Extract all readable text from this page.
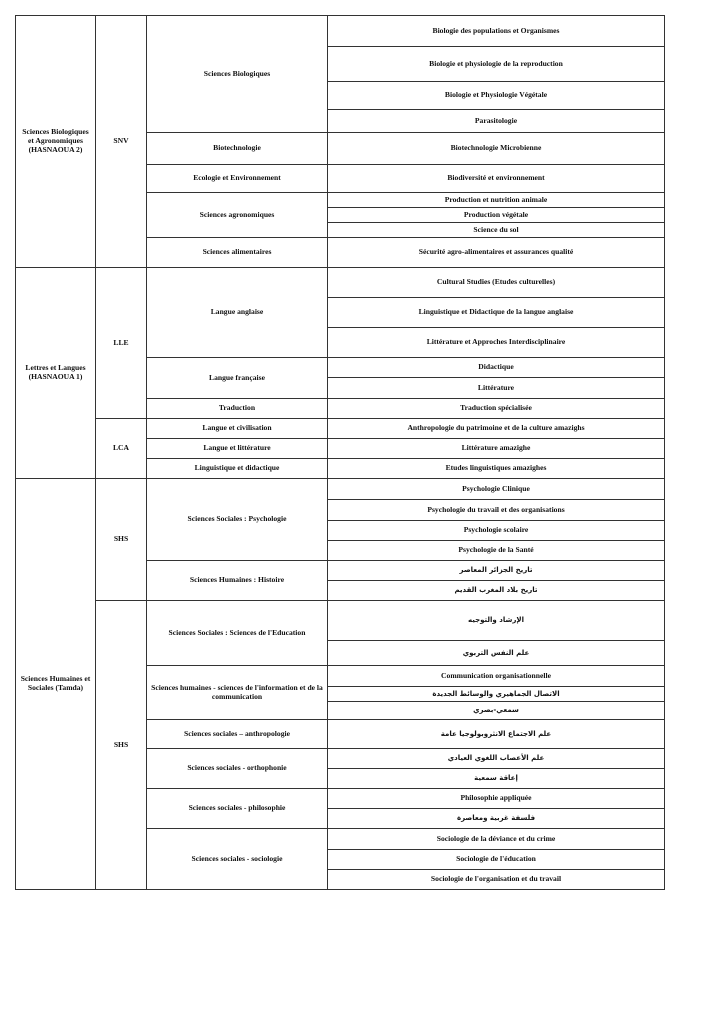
Sciences Biologiques et Agronomiques (HASNAOUA 2)	SNV	Sciences Biologiques	Biologie des populations et Organismes
			Biologie et physiologie de la reproduction
			Biologie et Physiologie Végétale
			Parasitologie
		Biotechnologie	Biotechnologie Microbienne
		Ecologie et Environnement	Biodiversité et environnement
		Sciences agronomiques	Production et nutrition animale
			Production végétale
			Science du sol
		Sciences alimentaires	Sécurité agro-alimentaires et assurances qualité
Lettres et Langues (HASNAOUA 1)	LLE	Langue anglaise	Cultural Studies (Etudes culturelles)
			Linguistique et Didactique de la langue anglaise
			Littérature et Approches Interdisciplinaire
		Langue française	Didactique
			Littérature
		Traduction	Traduction spécialisée
	LCA	Langue et civilisation	Anthropologie du patrimoine et de la culture amazighs
		Langue et littérature	Littérature amazighe
		Linguistique et didactique	Etudes linguistiques amazighes
Sciences Humaines et Sociales (Tamda)	SHS	Sciences Sociales : Psychologie	Psychologie Clinique
			Psychologie du travail et des organisations
			Psychologie scolaire
			Psychologie de la Santé
		Sciences Humaines : Histoire	تاريخ الجزائر المعاصر
			تاريخ بلاد المغرب القديم
	SHS	Sciences Sociales : Sciences de l'Education	الإرشاد والتوجيه
			علم النفس التربوي
		Sciences humaines - sciences de l'information et de la communication	Communication organisationnelle
			الاتصال الجماهيري والوسائط الجديدة
			سمعي-بصري
		Sciences sociales – anthropologie	علم الاجتماع الانثروبولوجيا عامة
		Sciences sociales - orthophonie	علم الأعصاب اللغوي العيادي
			إعاقة سمعية
		Sciences sociales - philosophie	Philosophie appliquée
			فلسفة غربية ومعاصرة
		Sciences sociales - sociologie	Sociologie de la déviance et du crime
			Sociologie de l'éducation
			Sociologie de l'organisation et du travail
